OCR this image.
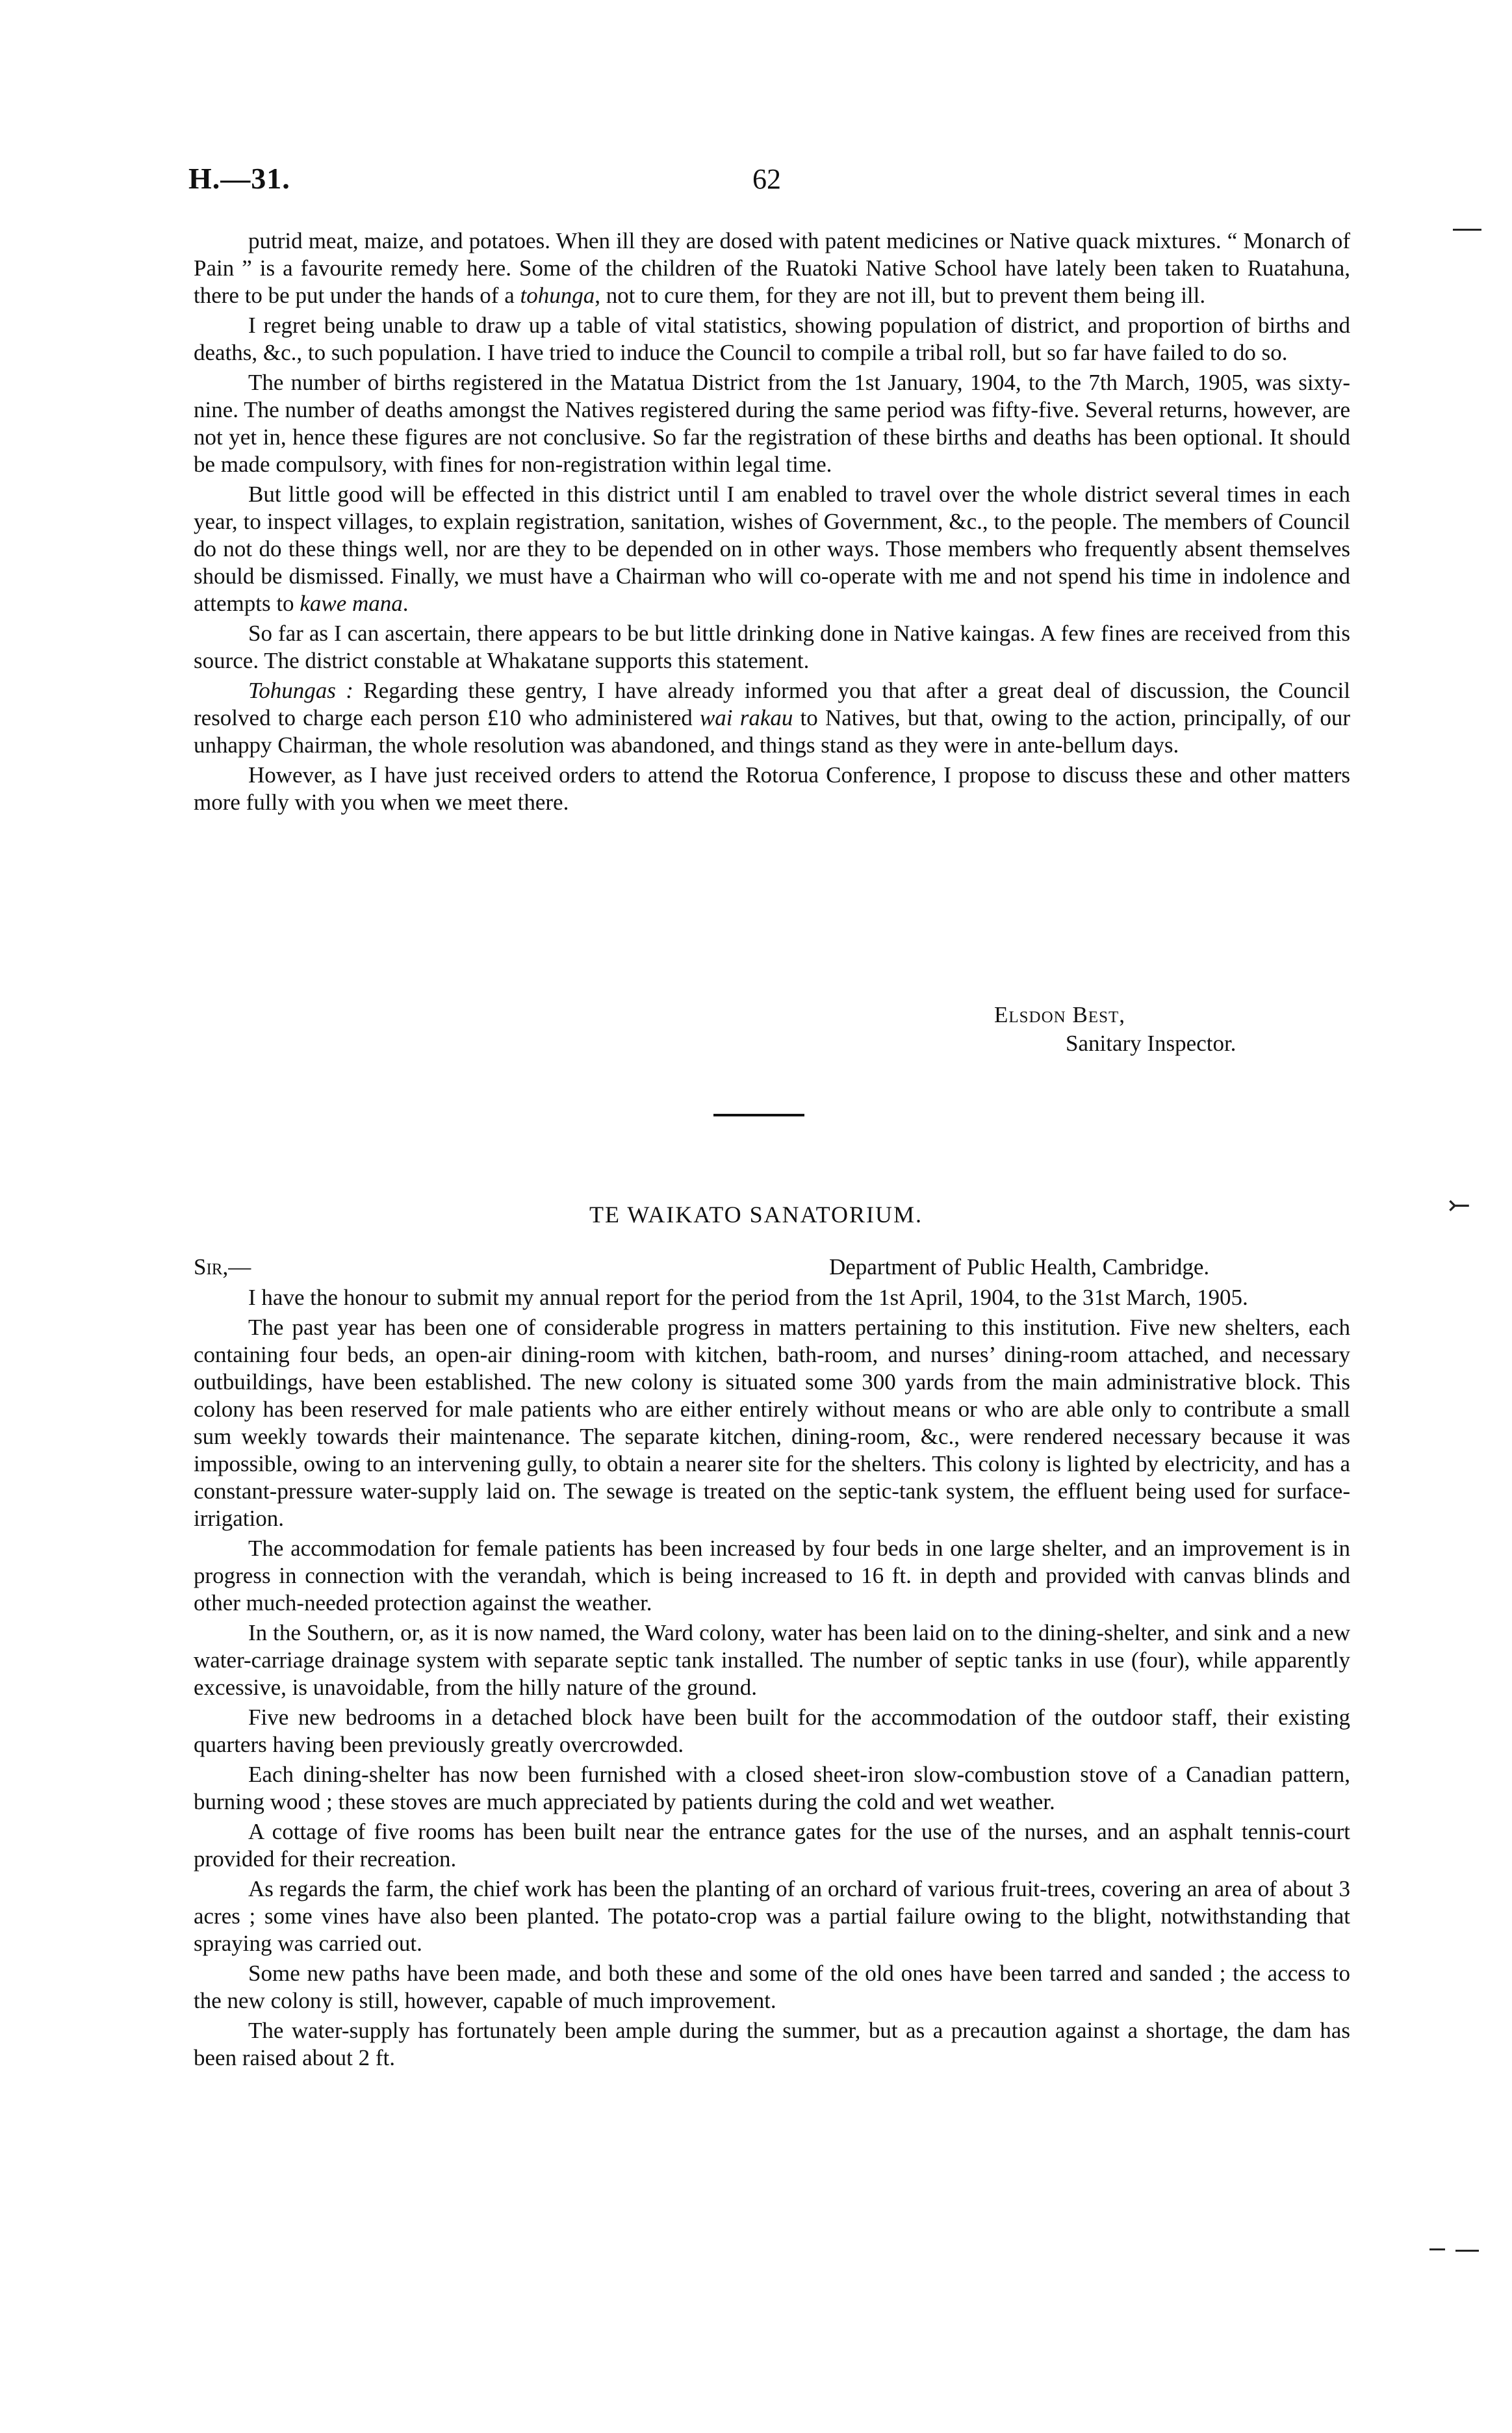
H.—31.	62

putrid meat, maize, and potatoes. When ill they are dosed with patent medicines or Native quack mixtures. “ Monarch of Pain ” is a favourite remedy here. Some of the children of the Ruatoki Native School have lately been taken to Ruatahuna, there to be put under the hands of a tohunga, not to cure them, for they are not ill, but to prevent them being ill.

I regret being unable to draw up a table of vital statistics, showing population of district, and proportion of births and deaths, &c., to such population. I have tried to induce the Council to compile a tribal roll, but so far have failed to do so.

The number of births registered in the Matatua District from the 1st January, 1904, to the 7th March, 1905, was sixty-nine. The number of deaths amongst the Natives registered during the same period was fifty-five. Several returns, however, are not yet in, hence these figures are not conclusive. So far the registration of these births and deaths has been optional. It should be made compulsory, with fines for non-registration within legal time.

But little good will be effected in this district until I am enabled to travel over the whole district several times in each year, to inspect villages, to explain registration, sanitation, wishes of Government, &c., to the people. The members of Council do not do these things well, nor are they to be depended on in other ways. Those members who frequently absent themselves should be dismissed. Finally, we must have a Chairman who will co-operate with me and not spend his time in indolence and attempts to kawe mana.

So far as I can ascertain, there appears to be but little drinking done in Native kaingas. A few fines are received from this source. The district constable at Whakatane supports this statement.

Tohungas : Regarding these gentry, I have already informed you that after a great deal of discussion, the Council resolved to charge each person £10 who administered wai rakau to Natives, but that, owing to the action, principally, of our unhappy Chairman, the whole resolution was abandoned, and things stand as they were in ante-bellum days.

However, as I have just received orders to attend the Rotorua Conference, I propose to discuss these and other matters more fully with you when we meet there.

Elsdon Best,
Sanitary Inspector.
TE WAIKATO SANATORIUM.
Sir,—	Department of Public Health, Cambridge.

I have the honour to submit my annual report for the period from the 1st April, 1904, to the 31st March, 1905.

The past year has been one of considerable progress in matters pertaining to this institution. Five new shelters, each containing four beds, an open-air dining-room with kitchen, bath-room, and nurses’ dining-room attached, and necessary outbuildings, have been established. The new colony is situated some 300 yards from the main administrative block. This colony has been reserved for male patients who are either entirely without means or who are able only to contribute a small sum weekly towards their maintenance. The separate kitchen, dining-room, &c., were rendered necessary because it was impossible, owing to an intervening gully, to obtain a nearer site for the shelters. This colony is lighted by electricity, and has a constant-pressure water-supply laid on. The sewage is treated on the septic-tank system, the effluent being used for surface-irrigation.

The accommodation for female patients has been increased by four beds in one large shelter, and an improvement is in progress in connection with the verandah, which is being increased to 16 ft. in depth and provided with canvas blinds and other much-needed protection against the weather.

In the Southern, or, as it is now named, the Ward colony, water has been laid on to the dining-shelter, and sink and a new water-carriage drainage system with separate septic tank installed. The number of septic tanks in use (four), while apparently excessive, is unavoidable, from the hilly nature of the ground.

Five new bedrooms in a detached block have been built for the accommodation of the outdoor staff, their existing quarters having been previously greatly overcrowded.

Each dining-shelter has now been furnished with a closed sheet-iron slow-combustion stove of a Canadian pattern, burning wood ; these stoves are much appreciated by patients during the cold and wet weather.

A cottage of five rooms has been built near the entrance gates for the use of the nurses, and an asphalt tennis-court provided for their recreation.

As regards the farm, the chief work has been the planting of an orchard of various fruit-trees, covering an area of about 3 acres ; some vines have also been planted. The potato-crop was a partial failure owing to the blight, notwithstanding that spraying was carried out.

Some new paths have been made, and both these and some of the old ones have been tarred and sanded ; the access to the new colony is still, however, capable of much improvement.

The water-supply has fortunately been ample during the summer, but as a precaution against a shortage, the dam has been raised about 2 ft.

⤚
